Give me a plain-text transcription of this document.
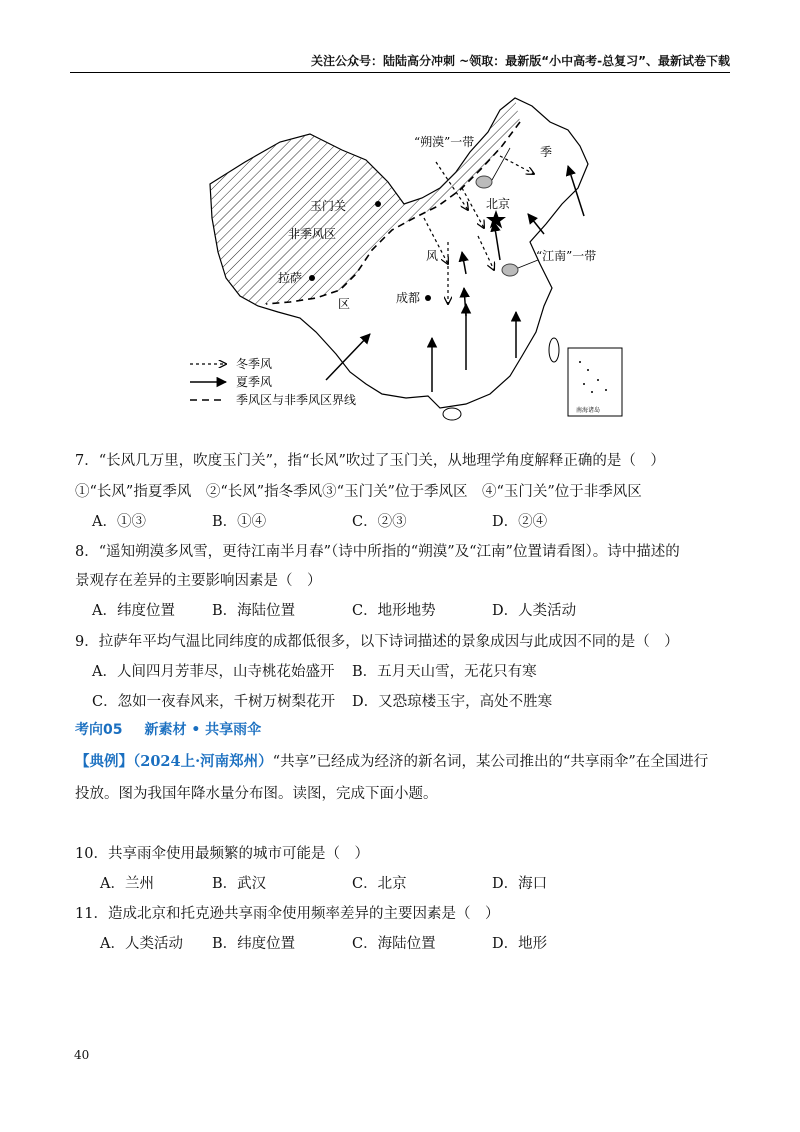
关注公众号：陆陆高分冲刺 ~领取：最新版“小中高考-总复习”、最新试卷下载
“朔漠”一带
季
玉门关
非季风区
北京
风	“江南”一带
拉萨
成都
区
南海诸岛
冬季风
夏季风
季风区与非季风区界线
7．“长风几万里，吹度玉门关”，指“长风”吹过了玉门关，从地理学角度解释正确的是（　）
①“长风”指夏季风　②“长风”指冬季风③“玉门关”位于季风区　④“玉门关”位于非季风区
A．①③	B．①④	C．②③	D．②④
8．“遥知朔漠多风雪，更待江南半月春”（诗中所指的“朔漠”及“江南”位置请看图）。诗中描述的
景观存在差异的主要影响因素是（　）
A．纬度位置	B．海陆位置	C．地形地势	D．人类活动
9．拉萨年平均气温比同纬度的成都低很多，以下诗词描述的景象成因与此成因不同的是（　）
A．人间四月芳菲尽，山寺桃花始盛开 B．五月天山雪，无花只有寒
C．忽如一夜春风来，千树万树梨花开 D．又恐琼楼玉宇，高处不胜寒
考向05 新素材 • 共享雨伞
【典例】（2024上·河南郑州）“共享”已经成为经济的新名词，某公司推出的“共享雨伞”在全国进行
投放。图为我国年降水量分布图。读图，完成下面小题。
10．共享雨伞使用最频繁的城市可能是（　）
A．兰州	B．武汉	C．北京	D．海口
11．造成北京和托克逊共享雨伞使用频率差异的主要因素是（　）
A．人类活动 B．纬度位置	C．海陆位置	D．地形
40
